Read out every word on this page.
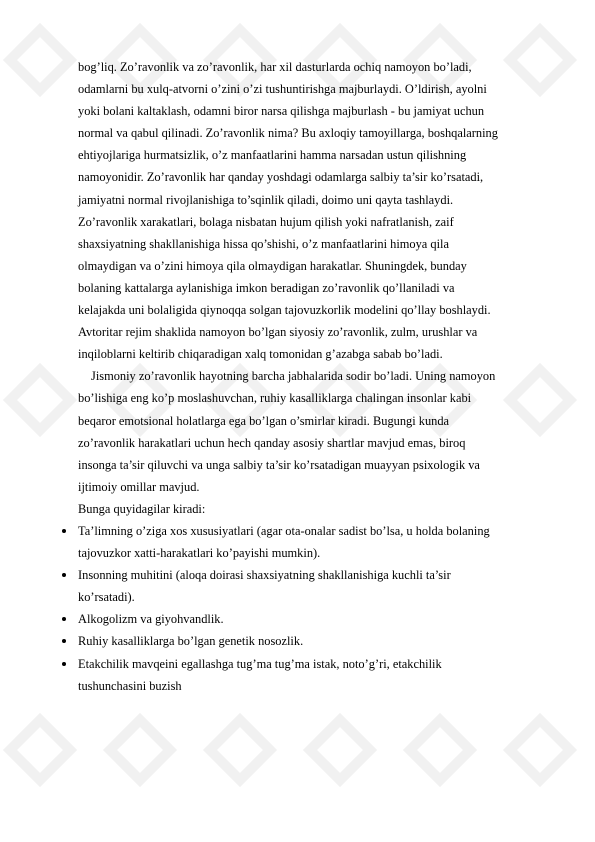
bog’liq. Zo’ravonlik va zo’ravonlik, har xil dasturlarda ochiq namoyon bo’ladi,
odamlarni bu xulq-atvorni o’zini o’zi tushuntirishga majburlaydi. O’ldirish, ayolni
yoki bolani kaltaklash, odamni biror narsa qilishga majburlash - bu jamiyat uchun
normal va qabul qilinadi. Zo’ravonlik nima? Bu axloqiy tamoyillarga, boshqalarning
ehtiyojlariga hurmatsizlik, o’z manfaatlarini hamma narsadan ustun qilishning
namoyonidir. Zo’ravonlik har qanday yoshdagi odamlarga salbiy ta’sir ko’rsatadi,
jamiyatni normal rivojlanishiga to’sqinlik qiladi, doimo uni qayta tashlaydi.
Zo’ravonlik xarakatlari, bolaga nisbatan hujum qilish yoki nafratlanish, zaif
shaxsiyatning shakllanishiga hissa qo’shishi, o’z manfaatlarini himoya qila
olmaydigan va o’zini himoya qila olmaydigan harakatlar. Shuningdek, bunday
bolaning kattalarga aylanishiga imkon beradigan zo’ravonlik qo’llaniladi va
kelajakda uni bolaligida qiynoqqa solgan tajovuzkorlik modelini qo’llay boshlaydi.
Avtoritar rejim shaklida namoyon bo’lgan siyosiy zo’ravonlik, zulm, urushlar va
inqiloblarni keltirib chiqaradigan xalq tomonidan g’azabga sabab bo’ladi.
Jismoniy zo’ravonlik hayotning barcha jabhalarida sodir bo’ladi. Uning namoyon
bo’lishiga eng ko’p moslashuvchan, ruhiy kasalliklarga chalingan insonlar kabi
beqaror emotsional holatlarga ega bo’lgan o’smirlar kiradi. Bugungi kunda
zo’ravonlik harakatlari uchun hech qanday asosiy shartlar mavjud emas, biroq
insonga ta’sir qiluvchi va unga salbiy ta’sir ko’rsatadigan muayyan psixologik va
ijtimoiy omillar mavjud.
Bunga quyidagilar kiradi:
Ta’limning o’ziga xos xususiyatlari (agar ota-onalar sadist bo’lsa, u holda bolaning
tajovuzkor xatti-harakatlari ko’payishi mumkin).
Insonning muhitini (aloqa doirasi shaxsiyatning shakllanishiga kuchli ta’sir
ko’rsatadi).
Alkogolizm va giyohvandlik.
Ruhiy kasalliklarga bo’lgan genetik nosozlik.
Etakchilik mavqeini egallashga tug’ma tug’ma istak, noto’g’ri, etakchilik
tushunchasini buzish
